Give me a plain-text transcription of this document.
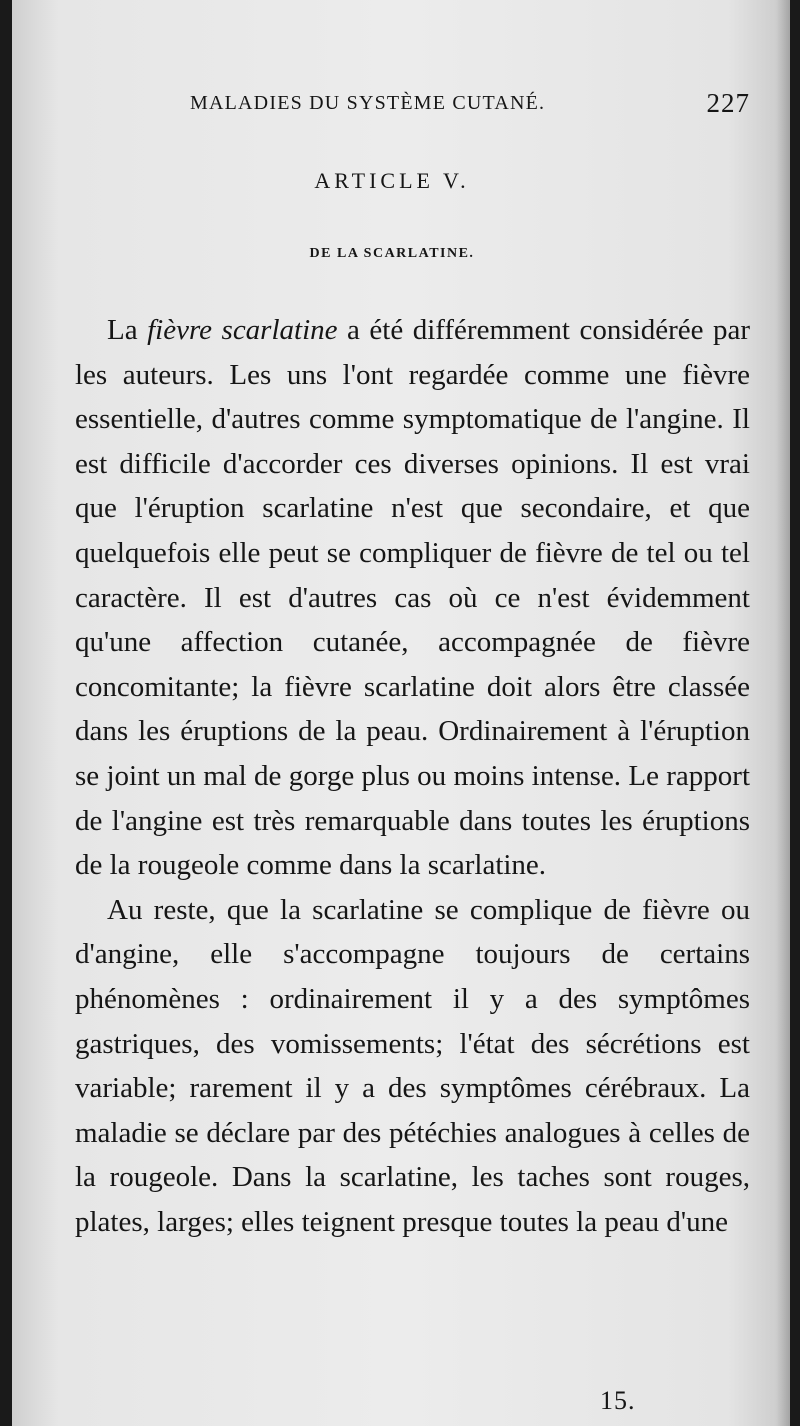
MALADIES DU SYSTÈME CUTANÉ.	227
ARTICLE V.
DE LA SCARLATINE.

La fièvre scarlatine a été différemment considérée par les auteurs. Les uns l'ont regardée comme une fièvre essentielle, d'autres comme symptomatique de l'angine. Il est difficile d'accorder ces diverses opinions. Il est vrai que l'éruption scarlatine n'est que secondaire, et que quelquefois elle peut se compliquer de fièvre de tel ou tel caractère. Il est d'autres cas où ce n'est évidemment qu'une affection cutanée, accompagnée de fièvre concomitante; la fièvre scarlatine doit alors être classée dans les éruptions de la peau. Ordinairement à l'éruption se joint un mal de gorge plus ou moins intense. Le rapport de l'angine est très remarquable dans toutes les éruptions de la rougeole comme dans la scarlatine.

Au reste, que la scarlatine se complique de fièvre ou d'angine, elle s'accompagne toujours de certains phénomènes : ordinairement il y a des symptômes gastriques, des vomissements; l'état des sécrétions est variable; rarement il y a des symptômes cérébraux. La maladie se déclare par des pétéchies analogues à celles de la rougeole. Dans la scarlatine, les taches sont rouges, plates, larges; elles teignent presque toutes la peau d'une

15.
